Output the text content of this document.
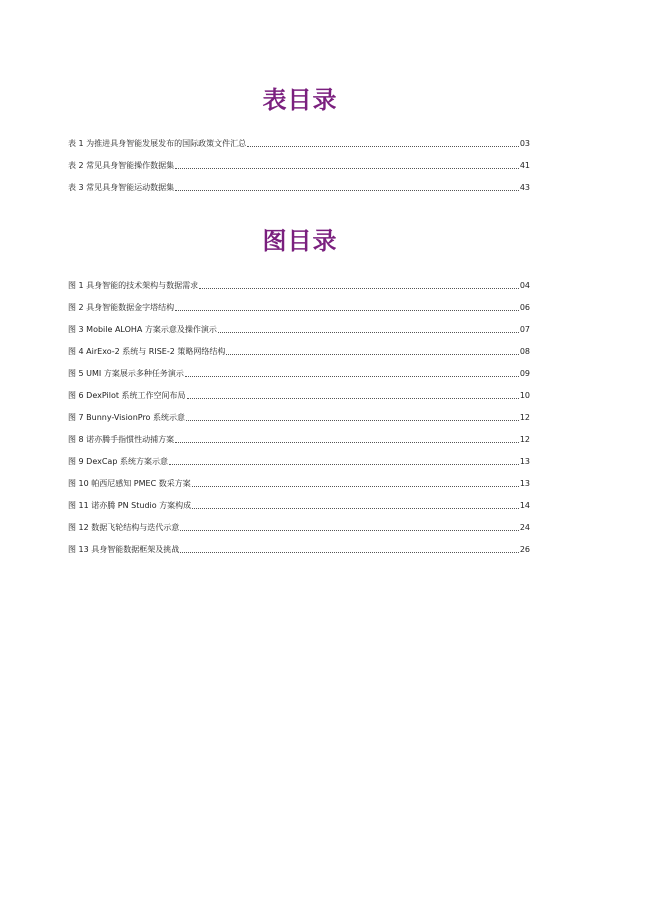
表目录
表 1 为推进具身智能发展发布的国际政策文件汇总	03
表 2 常见具身智能操作数据集	41
表 3 常见具身智能运动数据集	43
图目录
图 1 具身智能的技术架构与数据需求	04
图 2 具身智能数据金字塔结构	06
图 3 Mobile ALOHA 方案示意及操作演示	07
图 4 AirExo-2 系统与 RISE-2 策略网络结构	08
图 5 UMI 方案展示多种任务演示	09
图 6 DexPilot 系统工作空间布局	10
图 7 Bunny-VisionPro 系统示意	12
图 8 诺亦腾手指惯性动捕方案	12
图 9 DexCap 系统方案示意	13
图 10 帕西尼感知 PMEC 数采方案	13
图 11 诺亦腾 PN Studio 方案构成	14
图 12 数据飞轮结构与迭代示意	24
图 13 具身智能数据框架及挑战	26
